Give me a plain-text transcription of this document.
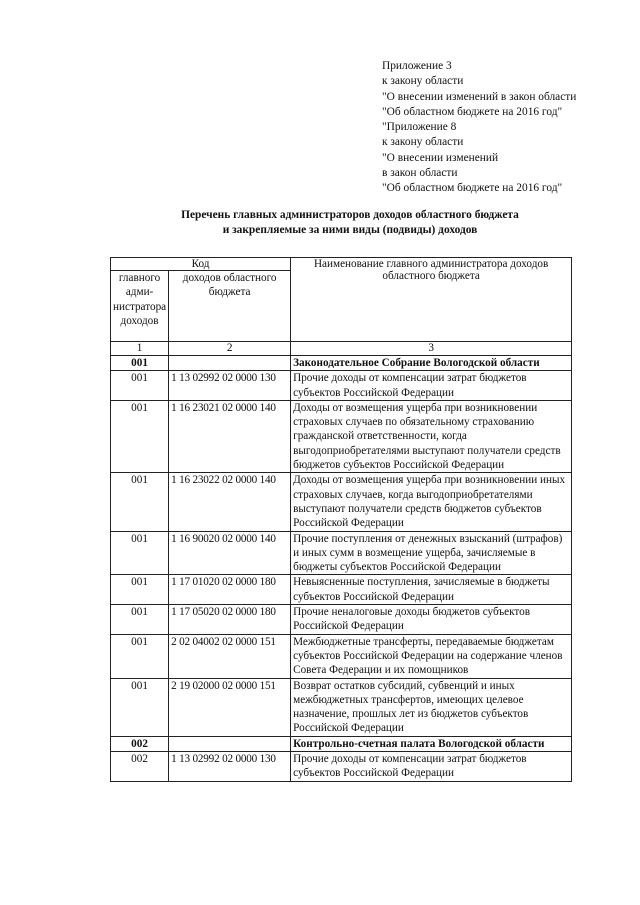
Приложение 3
к закону области
"О внесении изменений в закон области
"Об областном бюджете на 2016 год"
"Приложение 8
к закону области
"О внесении изменений
в закон области
"Об областном бюджете на 2016 год"
Перечень главных администраторов доходов областного бюджета
и закрепляемые за ними виды (подвиды) доходов
Код		Наименование главного администратора доходов областного бюджета
главного адми- нистратора доходов	доходов областного бюджета	
1	2	3
001		Законодательное Собрание Вологодской области
001	1 13 02992 02 0000 130	Прочие доходы от компенсации затрат бюджетов субъектов Российской Федерации
001	1 16 23021 02 0000 140	Доходы от возмещения ущерба при возникновении страховых случаев по обязательному страхованию гражданской ответственности, когда выгодоприобретателями выступают получатели средств бюджетов субъектов Российской Федерации
001	1 16 23022 02 0000 140	Доходы от возмещения ущерба при возникновении иных страховых случаев, когда выгодоприобретателями выступают получатели средств бюджетов субъектов Российской Федерации
001	1 16 90020 02 0000 140	Прочие поступления от денежных взысканий (штрафов) и иных сумм в возмещение ущерба, зачисляемые в бюджеты субъектов Российской Федерации
001	1 17 01020 02 0000 180	Невыясненные поступления, зачисляемые в бюджеты субъектов Российской Федерации
001	1 17 05020 02 0000 180	Прочие неналоговые доходы бюджетов субъектов Российской Федерации
001	2 02 04002 02 0000 151	Межбюджетные трансферты, передаваемые бюджетам субъектов Российской Федерации на содержание членов Совета Федерации и их помощников
001	2 19 02000 02 0000 151	Возврат остатков субсидий, субвенций и иных межбюджетных трансфертов, имеющих целевое назначение, прошлых лет из бюджетов субъектов Российской Федерации
002		Контрольно-счетная палата Вологодской области
002	1 13 02992 02 0000 130	Прочие доходы от компенсации затрат бюджетов субъектов Российской Федерации
